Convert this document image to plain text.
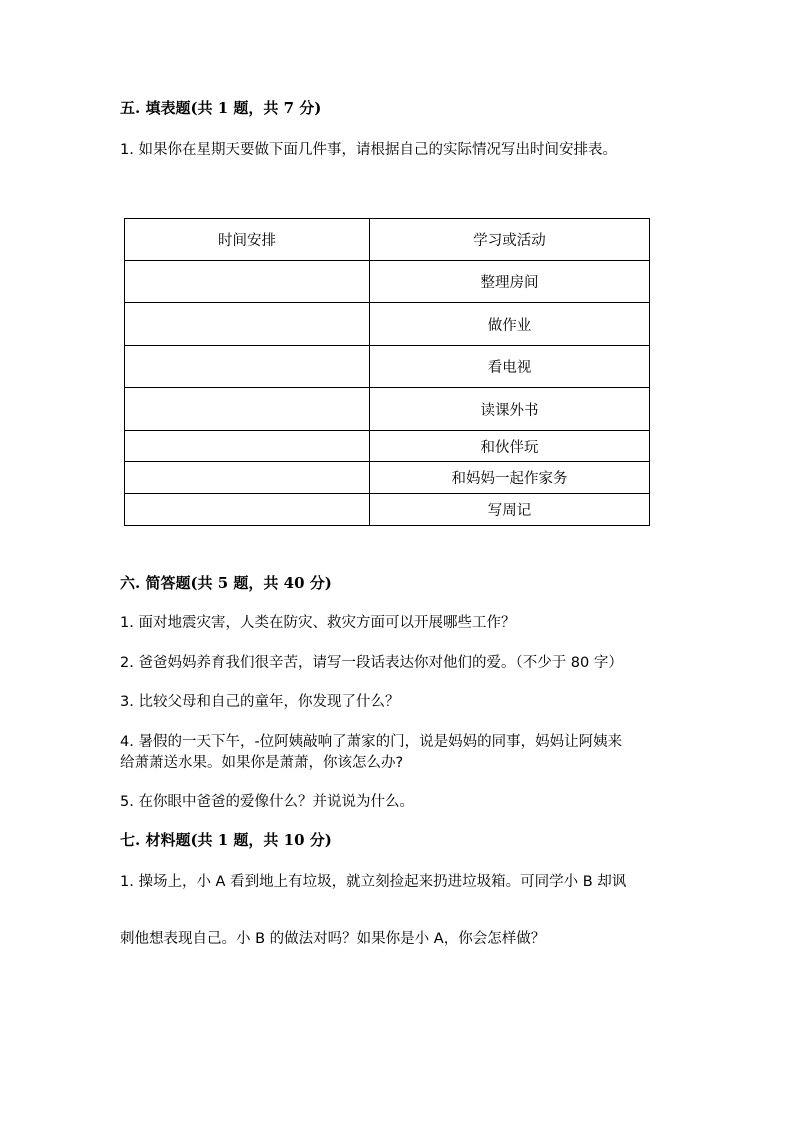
五. 填表题(共 1 题，共 7 分)
1. 如果你在星期天要做下面几件事，请根据自己的实际情况写出时间安排表。
时间安排	学习或活动
	整理房间
	做作业
	看电视
	读课外书
	和伙伴玩
	和妈妈一起作家务
	写周记
六. 简答题(共 5 题，共 40 分)
1. 面对地震灾害，人类在防灾、救灾方面可以开展哪些工作？
2. 爸爸妈妈养育我们很辛苦，请写一段话表达你对他们的爱。（不少于 80 字）
3. 比较父母和自己的童年，你发现了什么？
4. 暑假的一天下午，-位阿姨敲响了萧家的门，说是妈妈的同事，妈妈让阿姨来
给萧萧送水果。如果你是萧萧，你该怎么办?
5. 在你眼中爸爸的爱像什么？并说说为什么。
七. 材料题(共 1 题，共 10 分)
1. 操场上，小 A 看到地上有垃圾，就立刻捡起来扔进垃圾箱。可同学小 B 却讽
刺他想表现自己。小 B 的做法对吗？如果你是小 A，你会怎样做？
